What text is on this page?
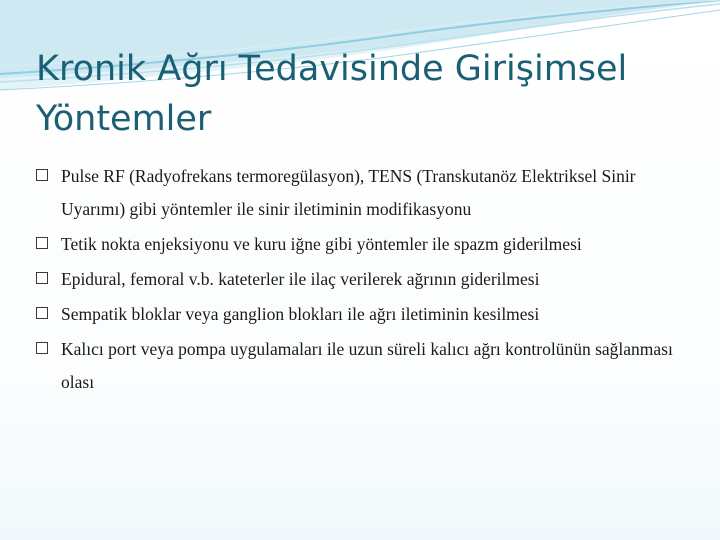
Kronik Ağrı Tedavisinde Girişimsel Yöntemler
Pulse RF (Radyofrekans termoregülasyon), TENS (Transkutanöz Elektriksel Sinir Uyarımı) gibi yöntemler ile sinir iletiminin modifikasyonu
Tetik nokta enjeksiyonu ve kuru iğne gibi yöntemler ile spazm giderilmesi
Epidural, femoral v.b. kateterler ile ilaç verilerek ağrının giderilmesi
Sempatik bloklar veya ganglion blokları ile ağrı iletiminin kesilmesi
Kalıcı port veya pompa uygulamaları ile uzun süreli kalıcı ağrı kontrolünün sağlanması olası
